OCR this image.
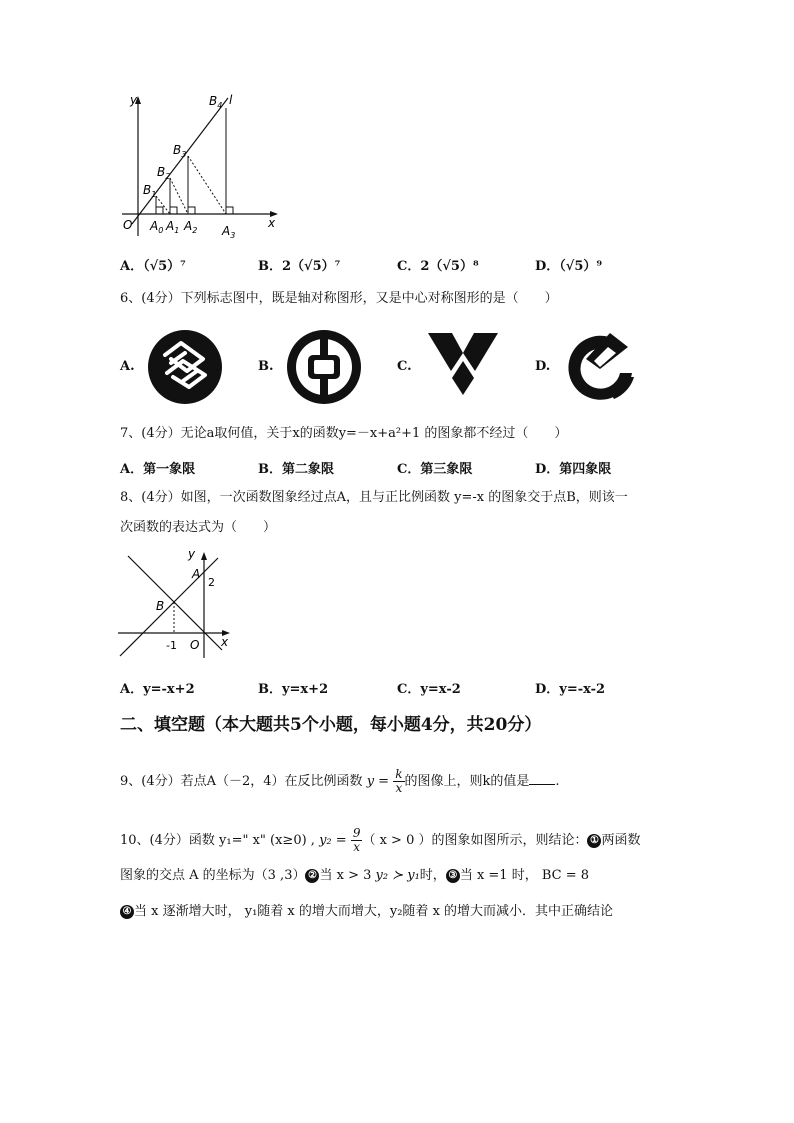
y
x
O
l
$B_1$
$B_2$
$B_3$
$B_4$
$A_0$ $A_1$ $A_2$ $A_3$
A．（√5）⁷	B．2（√5）⁷	C．2（√5）⁸	D．（√5）⁹
6、(4分）下列标志图中，既是轴对称图形，又是中心对称图形的是（　　）
A.	B.	C.	D.
7、(4分）无论a取何值，关于x的函数y=－x+a²+1 的图象都不经过（　　）
A．第一象限	B．第二象限	C．第三象限	D．第四象限
8、(4分）如图，一次函数图象经过点A，且与正比例函数 y=-x 的图象交于点B，则该一
次函数的表达式为（　　）
y
A
2
B
-1 O x
A．y=-x+2	B．y=x+2	C．y=x-2	D．y=-x-2
二、填空题（本大题共5个小题，每小题4分，共20分）
9、(4分）若点A（－2，4）在反比例函数 $y = \frac{k}{x}$ 的图像上，则k的值是 .
10、(4分）函数 y₁=" x" (x≥0) , $y_2 = \frac{9}{x}$ （ x > 0 ）的图象如图所示，则结论： ① 两函数
图象的交点 A 的坐标为（3 ,3） ② 当 x > 3 y₂ ≻ y₁时， ③ 当 x =1 时， BC = 8
④ 当 x 逐渐增大时， y₁随着 x 的增大而增大，y₂随着 x 的增大而减小．其中正确结论
